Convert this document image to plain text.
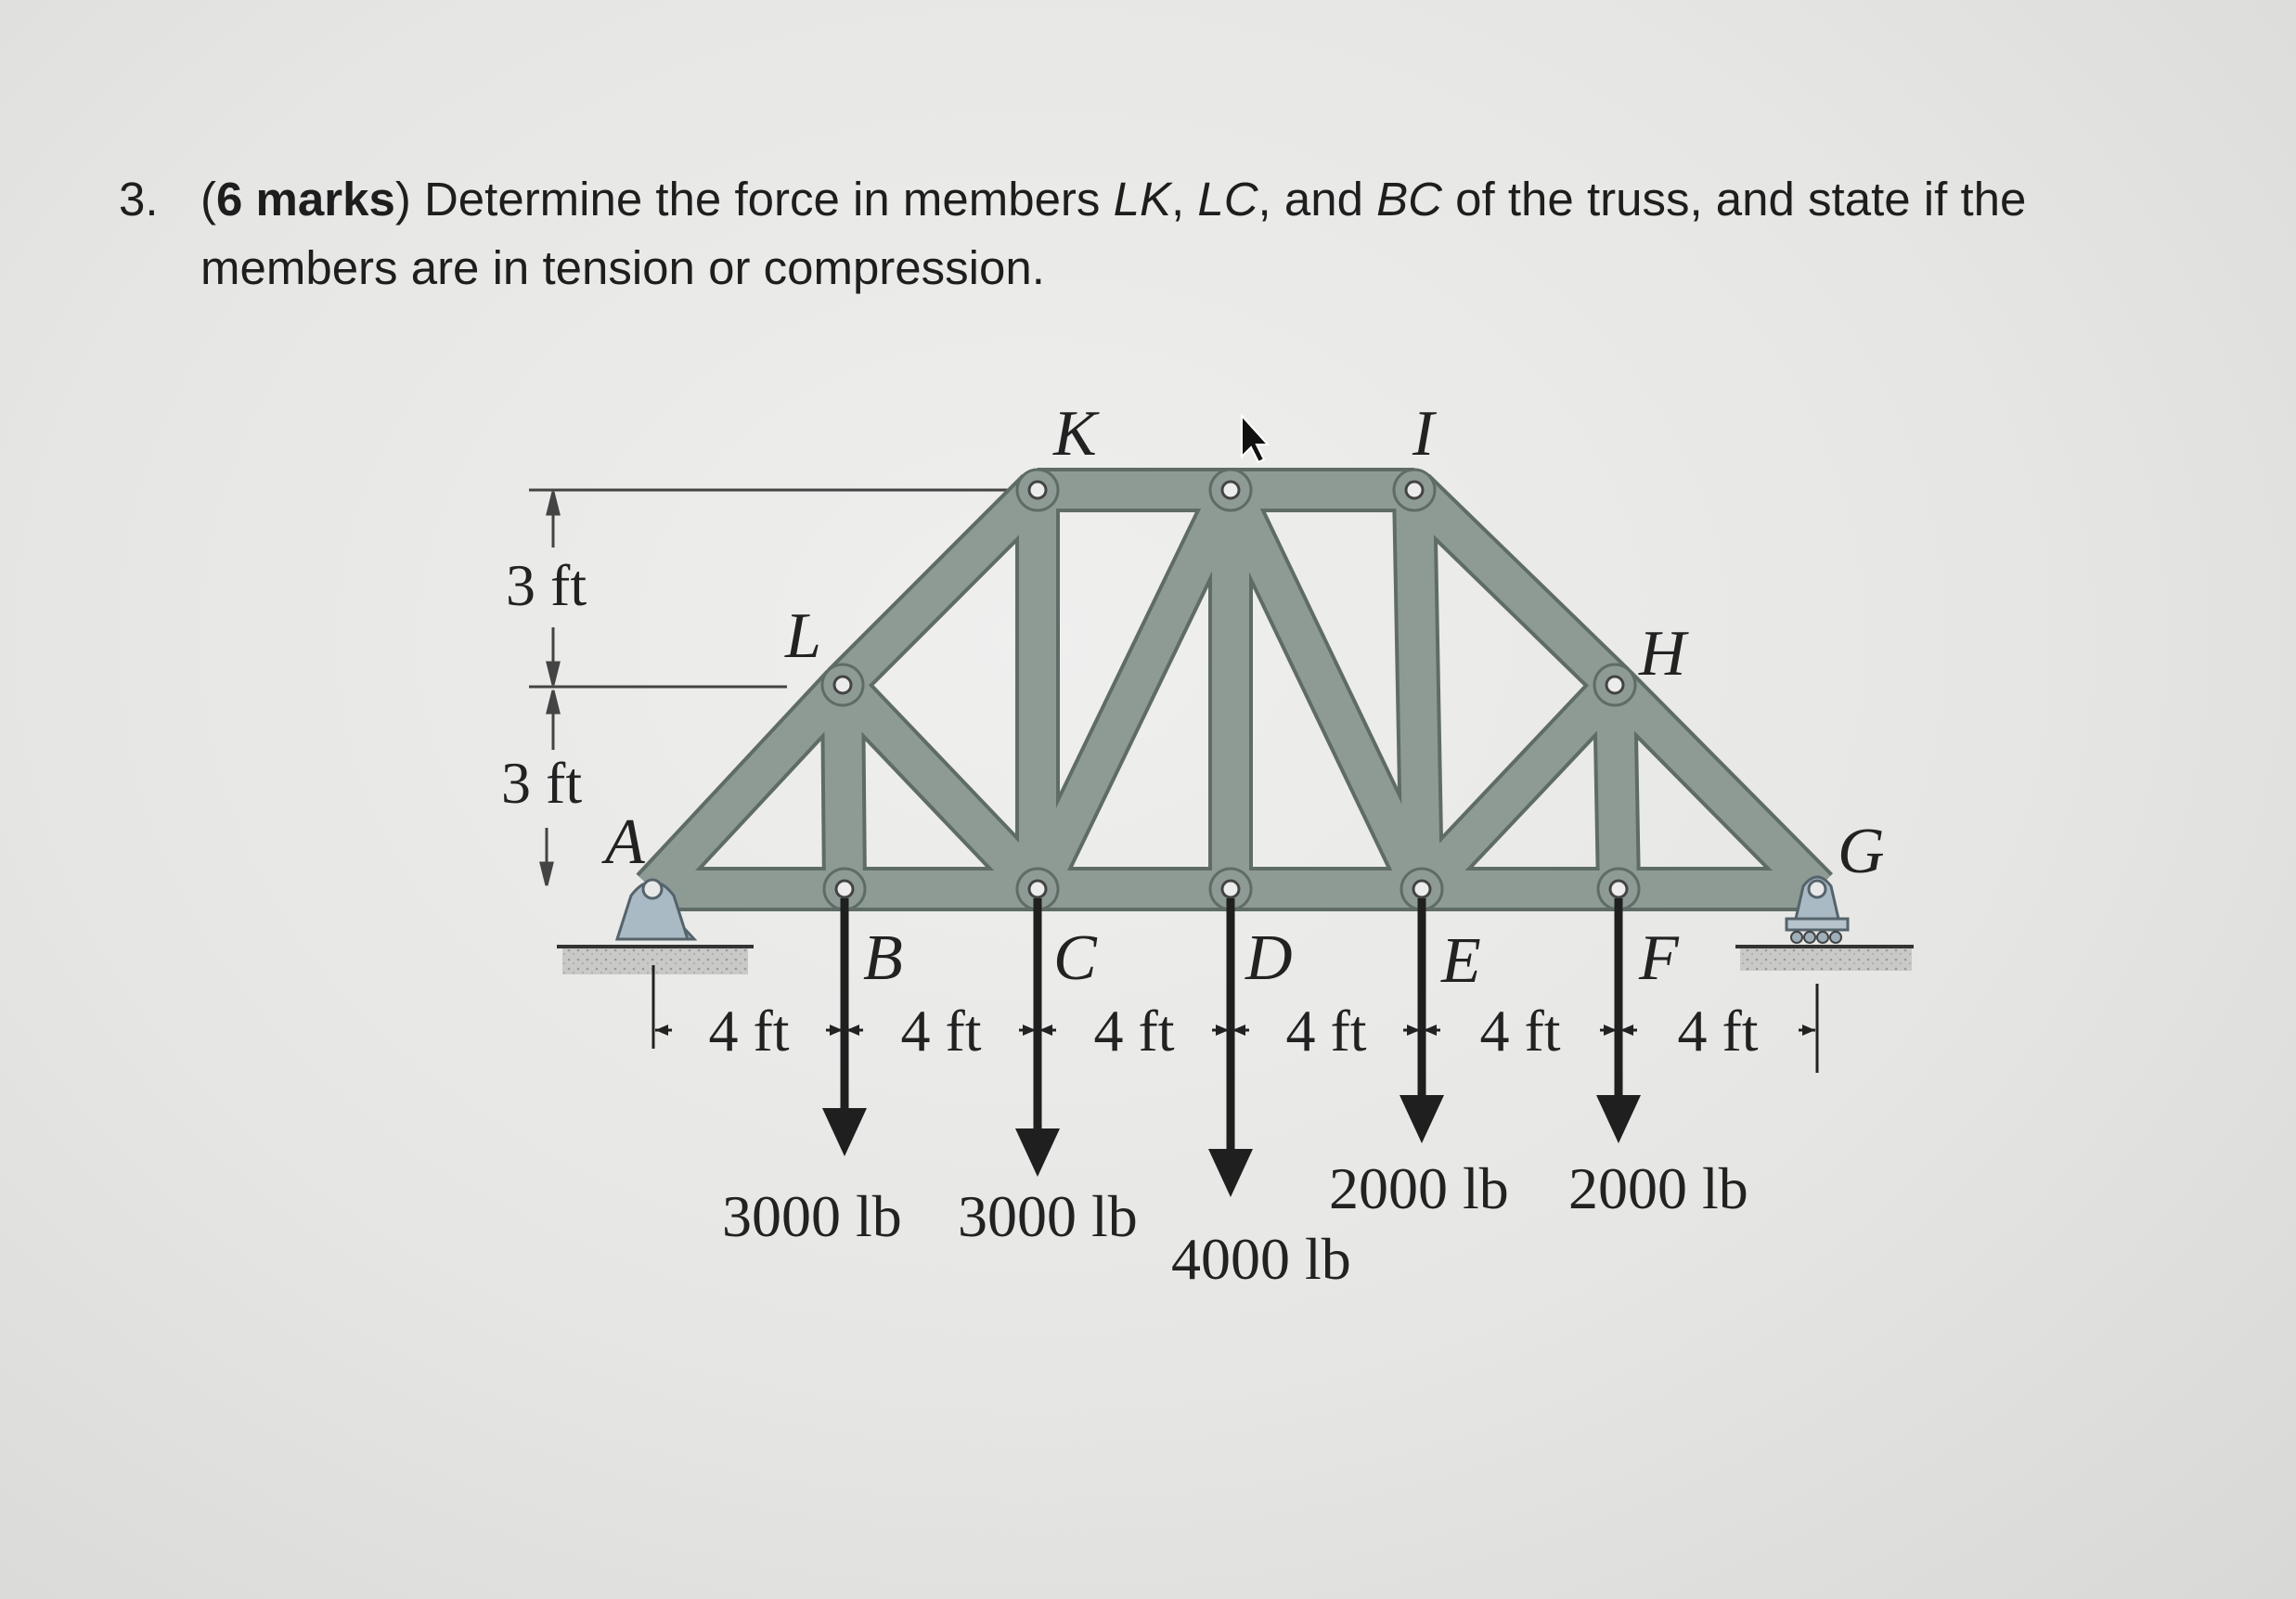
3. (6 marks) Determine the force in members LK, LC, and BC of the truss, and state if the
members are in tension or compression.
4 ft 4 ft 4 ft 4 ft 4 ft 4 ft
K	I
L	H
A	G
B C D E F
3 ft
3 ft
3000 lb 3000 lb
4000 lb
2000 lb 2000 lb
